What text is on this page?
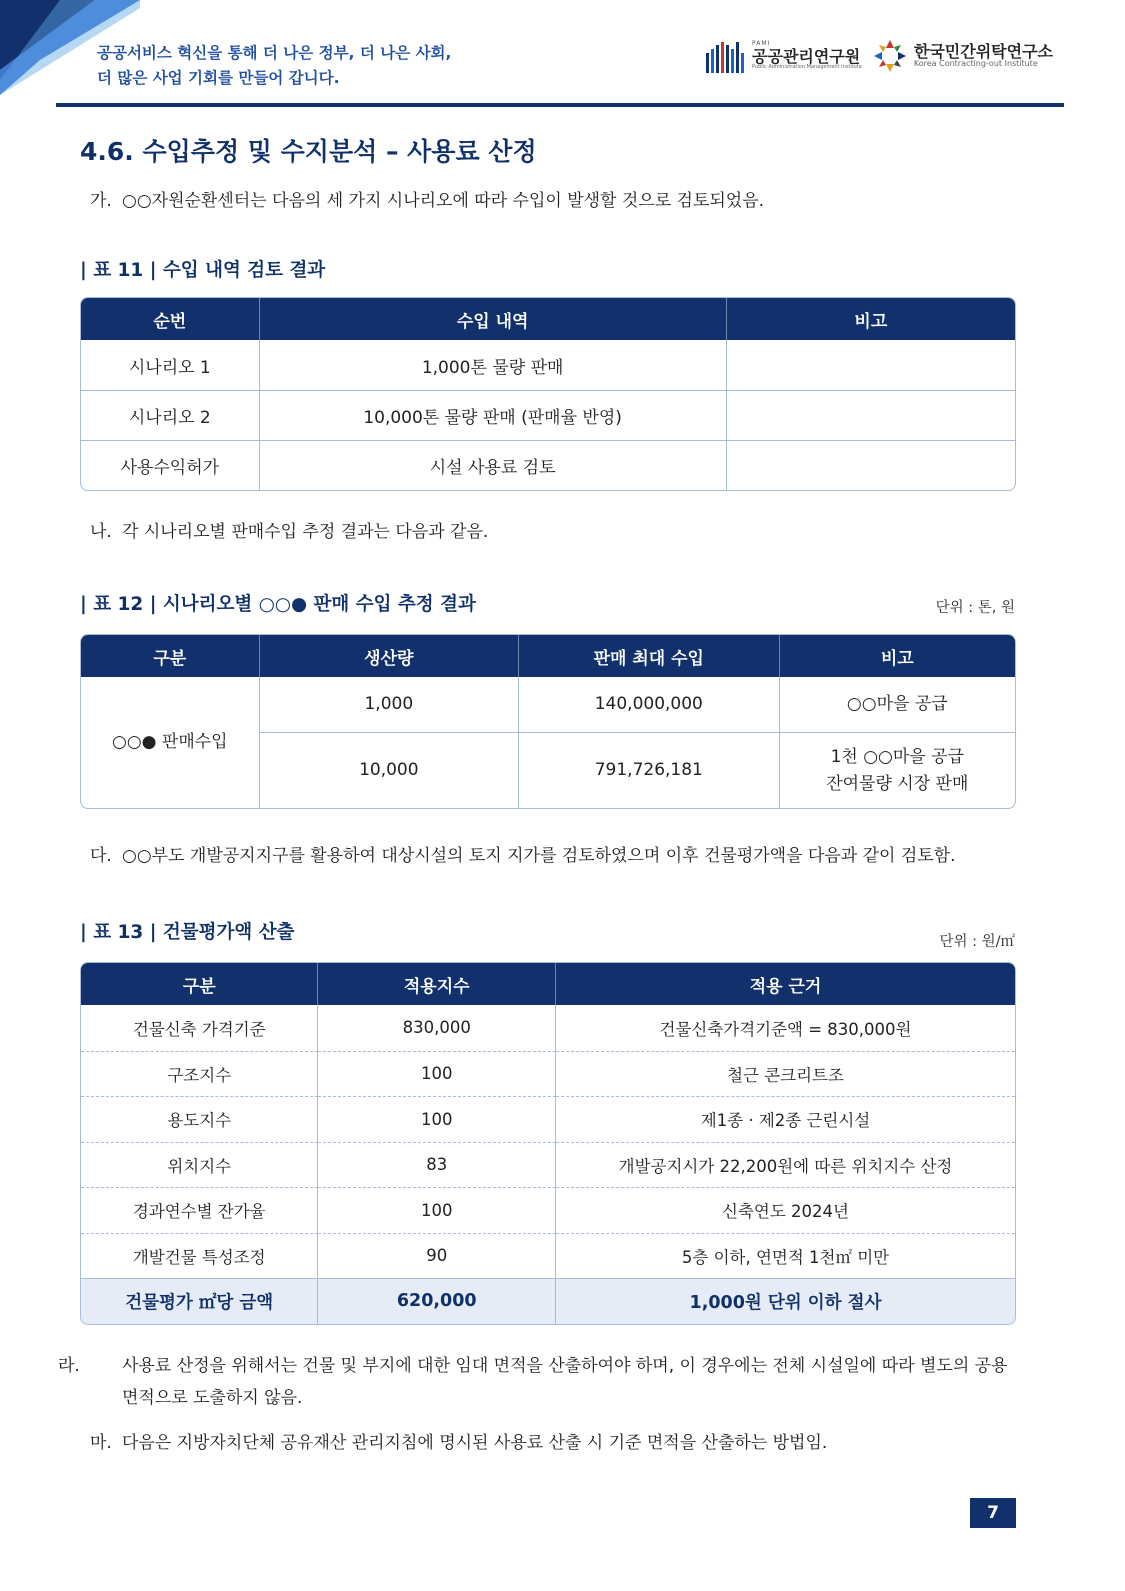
공공서비스 혁신을 통해 더 나은 정부, 더 나은 사회,
더 많은 사업 기회를 만들어 갑니다.
PAMI
공공관리연구원
Public Administration Management Institute
한국민간위탁연구소
Korea Contracting-out Institute
4.6. 수입추정 및 수지분석 – 사용료 산정

가. ○○자원순환센터는 다음의 세 가지 시나리오에 따라 수입이 발생할 것으로 검토되었음.

| 표 11 | 수입 내역 검토 결과
순번	수입 내역	비고
시나리오 1	1,000톤 물량 판매	
시나리오 2	10,000톤 물량 판매 (판매율 반영)	
사용수익허가	시설 사용료 검토	

나. 각 시나리오별 판매수입 추정 결과는 다음과 같음.

| 표 12 | 시나리오별 ○○● 판매 수입 추정 결과	단위 : 톤, 원
구분	생산량	판매 최대 수입	비고
○○● 판매수입	1,000	140,000,000	○○마을 공급
	10,000	791,726,181	1천 ○○마을 공급
잔여물량 시장 판매

다. ○○부도 개발공지지구를 활용하여 대상시설의 토지 지가를 검토하였으며 이후 건물평가액을 다음과 같이 검토함.

| 표 13 | 건물평가액 산출	단위 : 원/㎡
구분	적용지수	적용 근거
건물신축 가격기준	830,000	건물신축가격기준액 = 830,000원
구조지수	100	철근 콘크리트조
용도지수	100	제1종 · 제2종 근린시설
위치지수	83	개발공지시가 22,200원에 따른 위치지수 산정
경과연수별 잔가율	100	신축연도 2024년
개발건물 특성조정	90	5층 이하, 연면적 1천㎡ 미만
건물평가 ㎡당 금액	620,000	1,000원 단위 이하 절사

라. 사용료 산정을 위해서는 건물 및 부지에 대한 임대 면적을 산출하여야 하며, 이 경우에는 전체 시설일에 따라 별도의 공용면적으로 도출하지 않음.

마. 다음은 지방자치단체 공유재산 관리지침에 명시된 사용료 산출 시 기준 면적을 산출하는 방법임.

7
